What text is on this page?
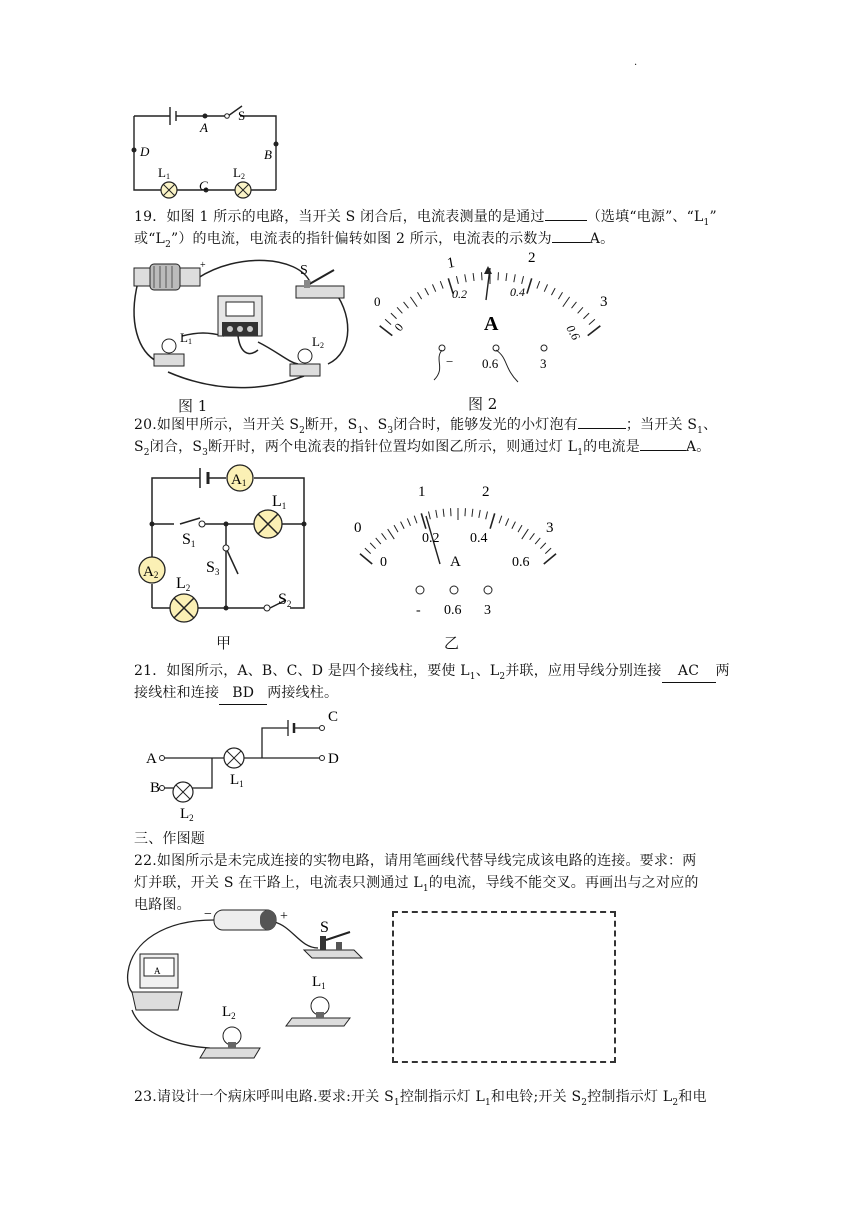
.
A
S
B
D
C
L1	L2
19．如图 1 所示的电路，当开关 S 闭合后，电流表测量的是通过	（选填“电源”、“$L_1$”
或“$L_2$”）的电流，电流表的指针偏转如图 2 所示，电流表的示数为	A。
+	S
L1	L2
图 1
1	2
3
0
0
0.2	0.4
0.6
A
− 0.6	3
图 2
20.如图甲所示，当开关 $S_2$断开，$S_1$、$S_3$闭合时，能够发光的小灯泡有	；当开关 $S_1$、
$S_2$闭合，$S_3$断开时，两个电流表的指针位置均如图乙所示，则通过灯 $L_1$的电流是	A。
A1
A2
L1
L2
S1
S3
S2
甲
1	2
3
0
0
0.2 0.4
0.6
A
- 0.6 3
乙
21．如图所示，A、B、C、D 是四个接线柱，要使 $L_1$、$L_2$并联，应用导线分别连接 AC 两
接线柱和连接 BD 两接线柱。
A
B
C
D
$L_1$
$L_2$
三、作图题
22.如图所示是未完成连接的实物电路，请用笔画线代替导线完成该电路的连接。要求：两
灯并联，开关 S 在干路上，电流表只测通过 $L_1$的电流，导线不能交叉。再画出与之对应的
电路图。
−	+
S
A
$L_1$
$L_2$
23.请设计一个病床呼叫电路.要求:开关 $S_1$控制指示灯 $L_1$和电铃;开关 $S_2$控制指示灯 $L_2$和电
